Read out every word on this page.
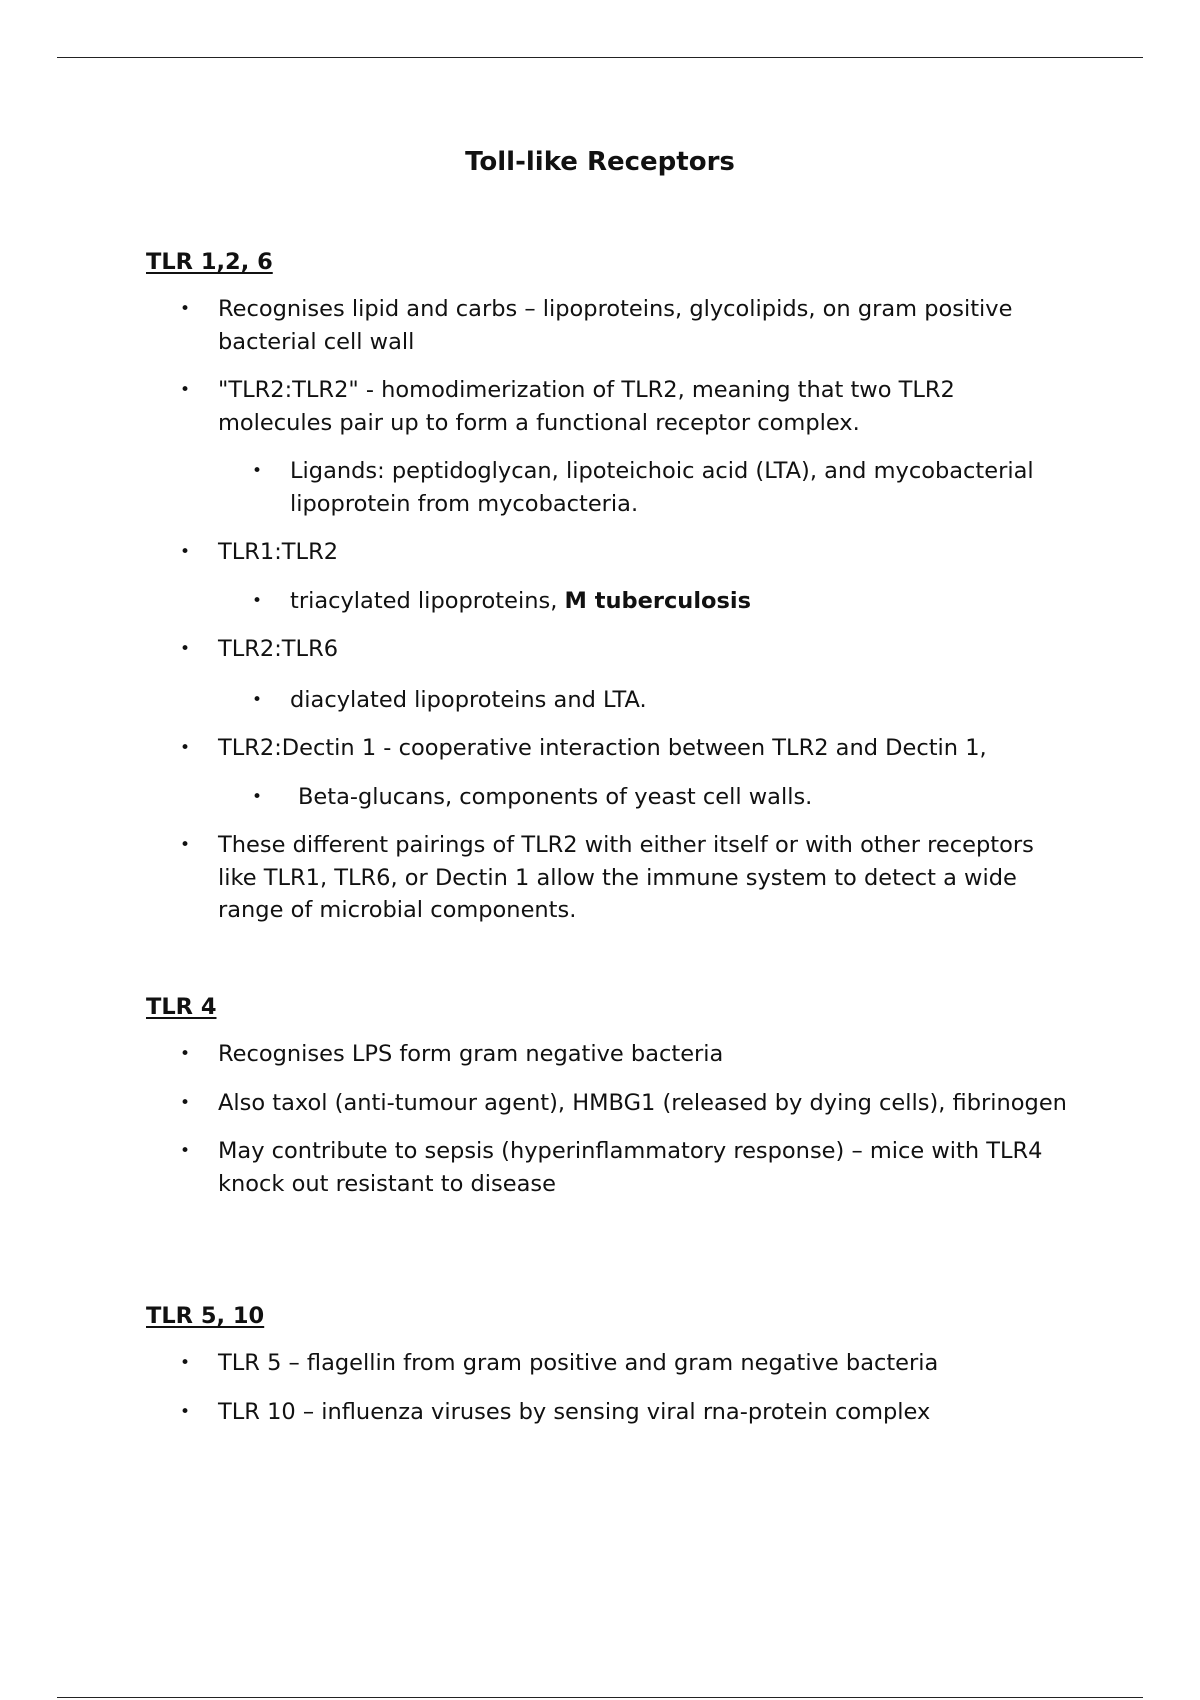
Toll-like Receptors
TLR 1,2, 6
• Recognises lipid and carbs – lipoproteins, glycolipids, on gram positive bacterial cell wall
• "TLR2:TLR2" - homodimerization of TLR2, meaning that two TLR2 molecules pair up to form a functional receptor complex.
• Ligands: peptidoglycan, lipoteichoic acid (LTA), and mycobacterial lipoprotein from mycobacteria.
• TLR1:TLR2
• triacylated lipoproteins, M tuberculosis
• TLR2:TLR6
• diacylated lipoproteins and LTA.
• TLR2:Dectin 1 - cooperative interaction between TLR2 and Dectin 1,
• Beta-glucans, components of yeast cell walls.
• These different pairings of TLR2 with either itself or with other receptors like TLR1, TLR6, or Dectin 1 allow the immune system to detect a wide range of microbial components.
TLR 4
• Recognises LPS form gram negative bacteria
• Also taxol (anti-tumour agent), HMBG1 (released by dying cells), fibrinogen
• May contribute to sepsis (hyperinflammatory response) – mice with TLR4 knock out resistant to disease
TLR 5, 10
• TLR 5 – flagellin from gram positive and gram negative bacteria
• TLR 10 – influenza viruses by sensing viral rna-protein complex
